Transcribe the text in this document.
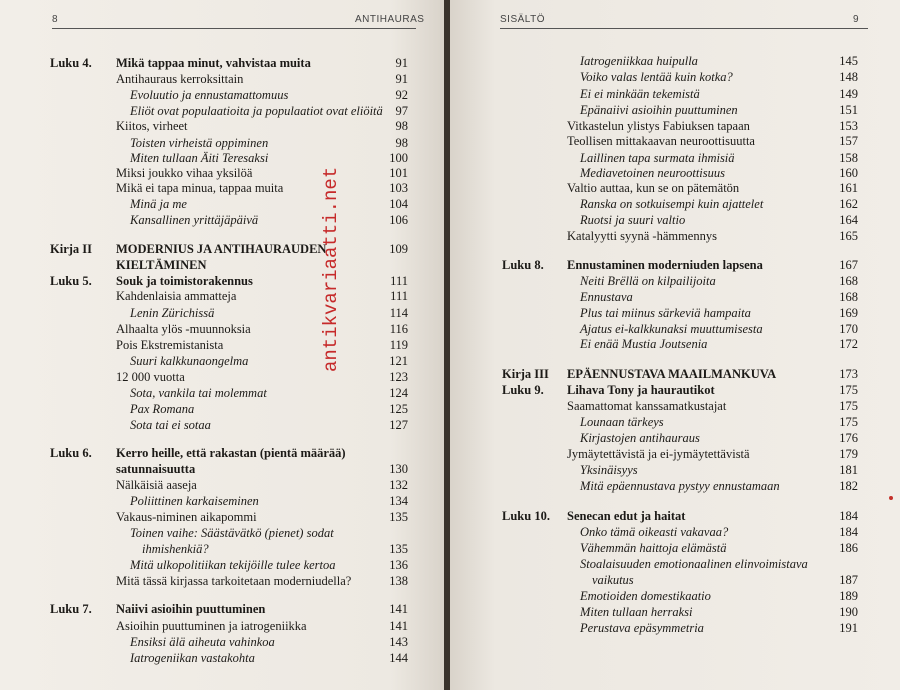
8	ANTIHAURAS
Luku 4. Mikä tappaa minut, vahvistaa muita	91
Antihauraus kerroksittain	91
Evoluutio ja ennustamattomuus	92
Eliöt ovat populaatioita ja populaatiot ovat eliöitä	97
Kiitos, virheet	98
Toisten virheistä oppiminen	98
Miten tullaan Äiti Teresaksi	100
Miksi joukko vihaa yksilöä	101
Mikä ei tapa minua, tappaa muita	103
Minä ja me	104
Kansallinen yrittäjäpäivä	106
Kirja II MODERNIUS JA ANTIHAURAUDEN	109
KIELTÄMINEN
Luku 5. Souk ja toimistorakennus	111
Kahdenlaisia ammatteja	111
Lenin Zürichissä	114
Alhaalta ylös -muunnoksia	116
Pois Ekstremistanista	119
Suuri kalkkunaongelma	121
12 000 vuotta	123
Sota, vankila tai molemmat	124
Pax Romana	125
Sota tai ei sotaa	127
Luku 6. Kerro heille, että rakastan (pientä määrää)
satunnaisuutta	130
Nälkäisiä aaseja	132
Poliittinen karkaiseminen	134
Vakaus-niminen aikapommi	135
Toinen vaihe: Säästävätkö (pienet) sodat
ihmishenkiä?	135
Mitä ulkopolitiikan tekijöille tulee kertoa	136
Mitä tässä kirjassa tarkoitetaan moderniudella?	138
Luku 7. Naiivi asioihin puuttuminen	141
Asioihin puuttuminen ja iatrogeniikka	141
Ensiksi älä aiheuta vahinkoa	143
Iatrogeniikan vastakohta	144
SISÄLTÖ	9
Iatrogeniikkaa huipulla	145
Voiko valas lentää kuin kotka?	148
Ei ei minkään tekemistä	149
Epänaiivi asioihin puuttuminen	151
Vitkastelun ylistys Fabiuksen tapaan	153
Teollisen mittakaavan neuroottisuutta	157
Laillinen tapa surmata ihmisiä	158
Mediavetoinen neuroottisuus	160
Valtio auttaa, kun se on pätemätön	161
Ranska on sotkuisempi kuin ajattelet	162
Ruotsi ja suuri valtio	164
Katalyytti syynä -hämmennys	165
Luku 8. Ennustaminen moderniuden lapsena	167
Neiti Brëllä on kilpailijoita	168
Ennustava	168
Plus tai miinus särkeviä hampaita	169
Ajatus ei-kalkkunaksi muuttumisesta	170
Ei enää Mustia Joutsenia	172
Kirja III EPÄENNUSTAVA MAAILMANKUVA	173
Luku 9. Lihava Tony ja haurautikot	175
Saamattomat kanssamatkustajat	175
Lounaan tärkeys	175
Kirjastojen antihauraus	176
Jymäytettävistä ja ei-jymäytettävistä	179
Yksinäisyys	181
Mitä epäennustava pystyy ennustamaan	182
Luku 10. Senecan edut ja haitat	184
Onko tämä oikeasti vakavaa?	184
Vähemmän haittoja elämästä	186
Stoalaisuuden emotionaalinen elinvoimistava
vaikutus	187
Emotioiden domestikaatio	189
Miten tullaan herraksi	190
Perustava epäsymmetria	191
antikvariaatti.net
